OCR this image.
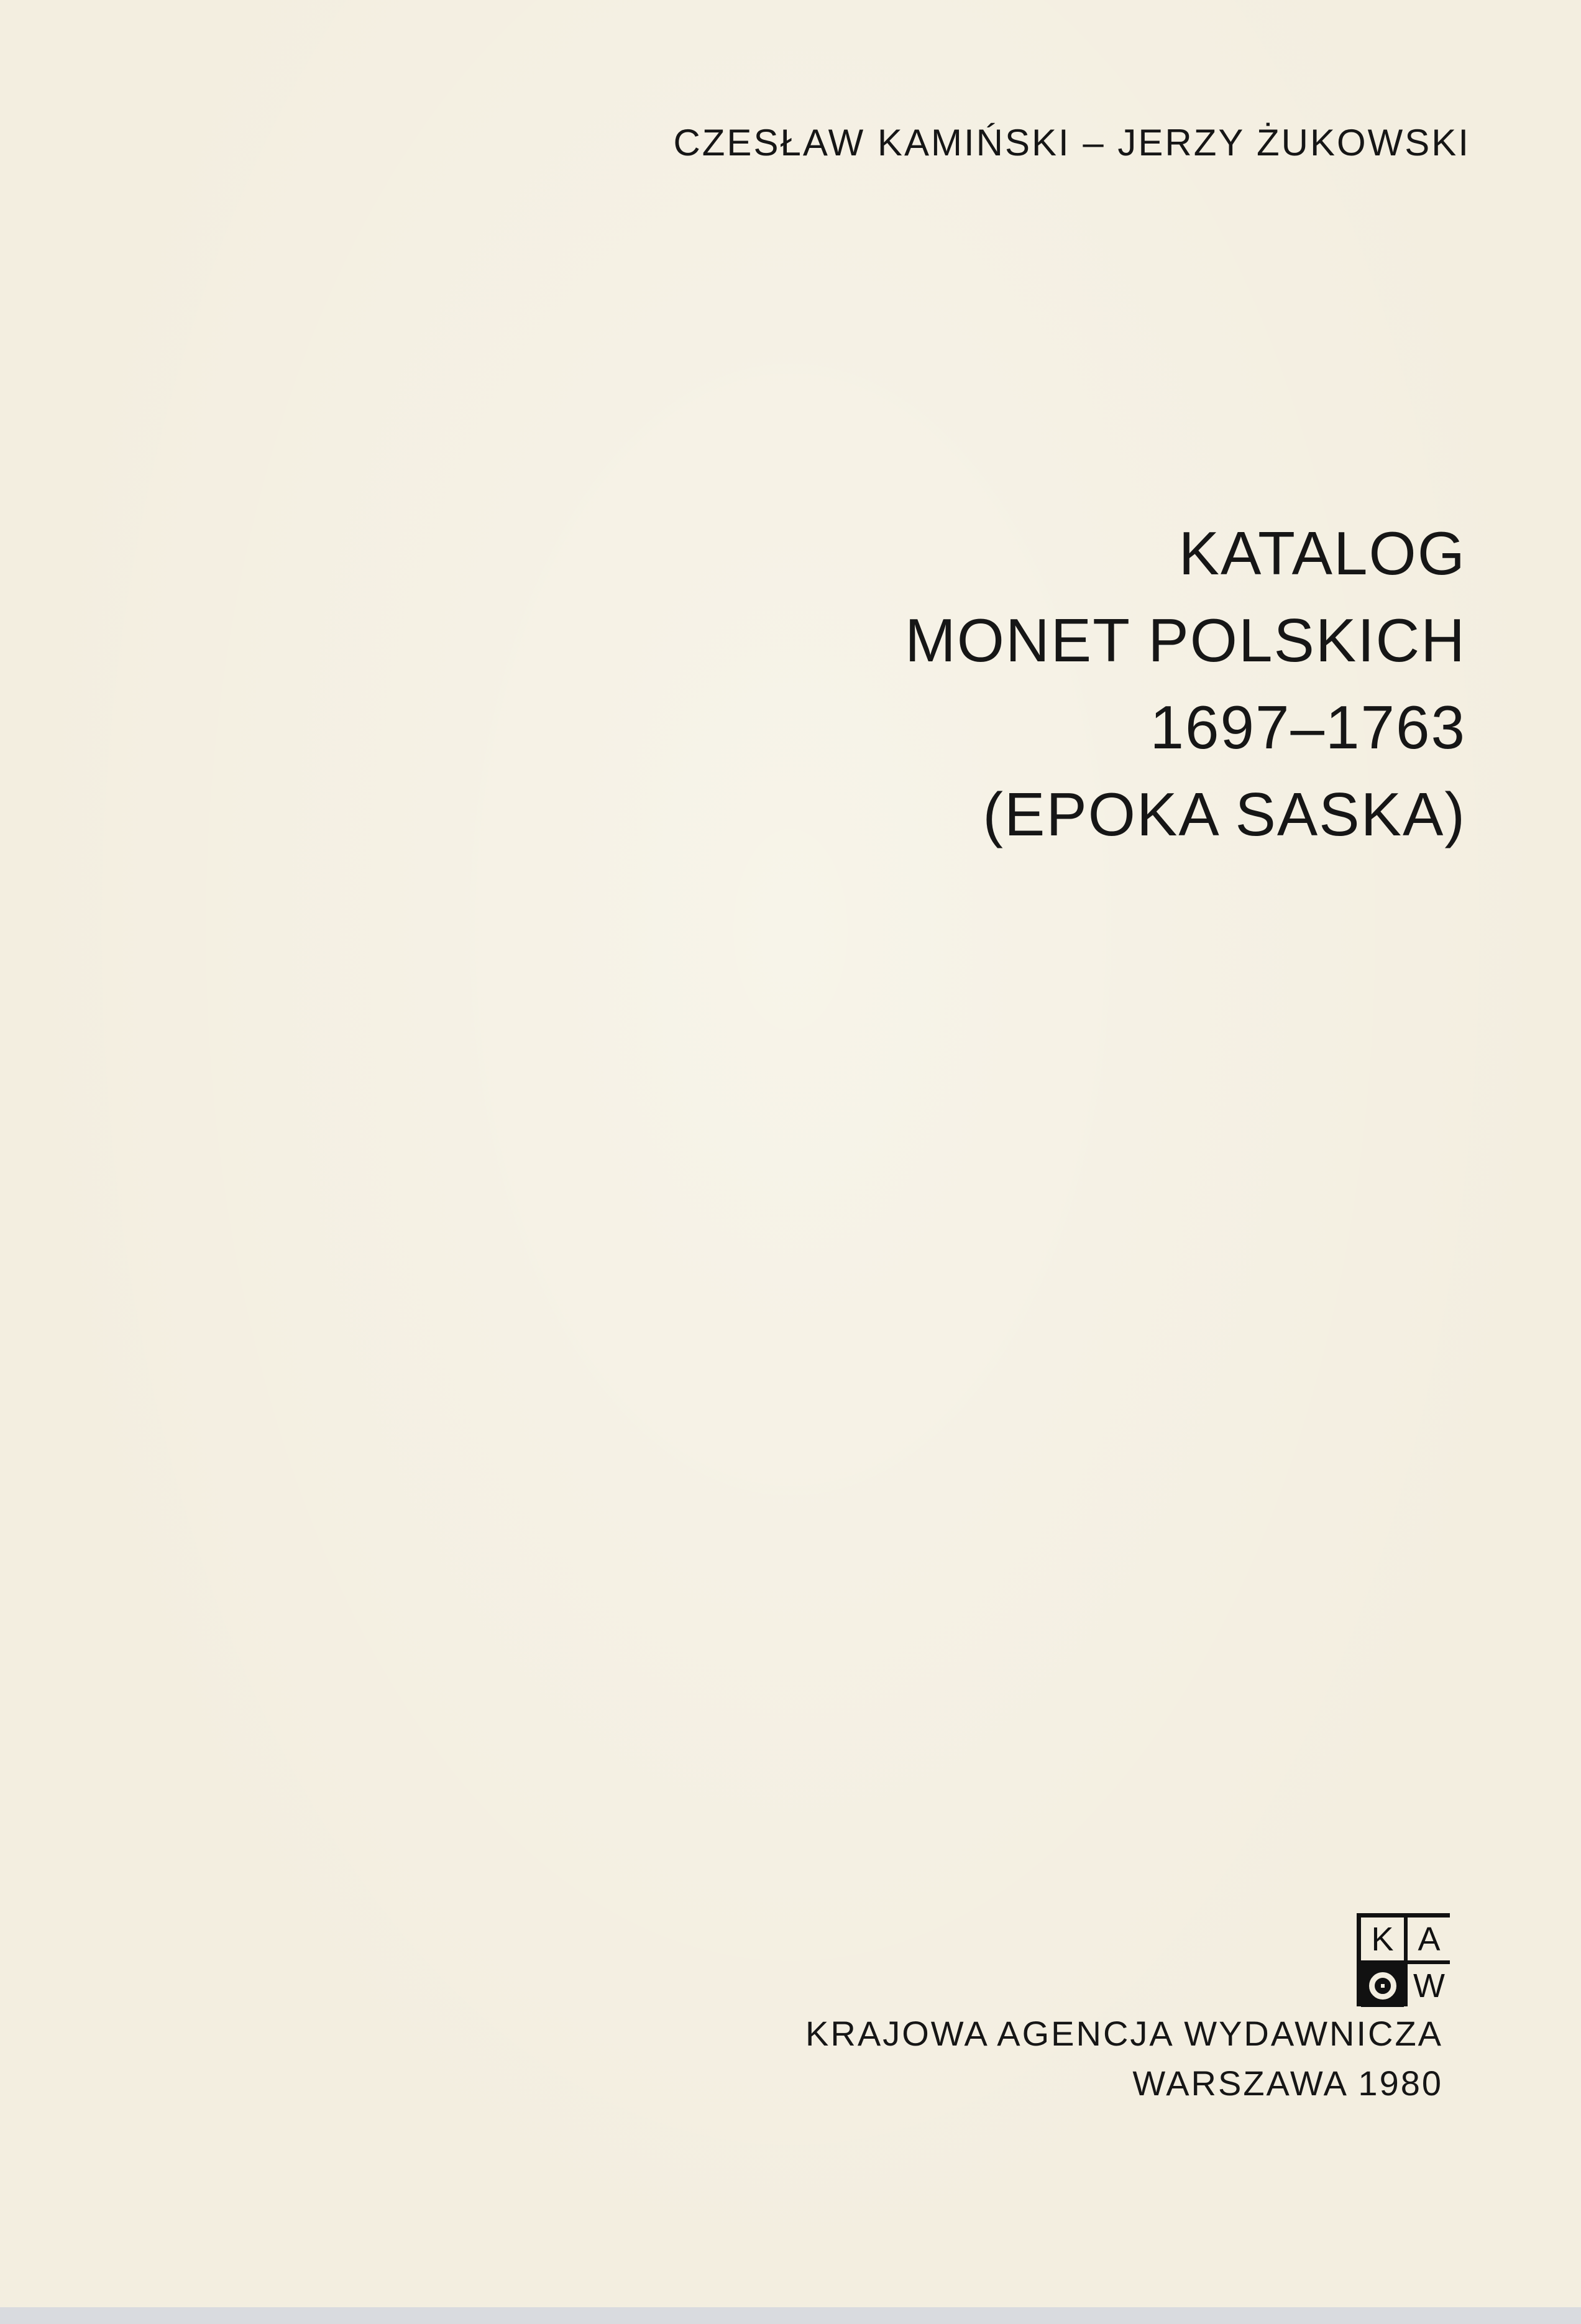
CZESŁAW KAMIŃSKI – JERZY ŻUKOWSKI
KATALOG
MONET POLSKICH
1697–1763
(EPOKA SASKA)
K A
W
KRAJOWA AGENCJA WYDAWNICZA
WARSZAWA 1980
